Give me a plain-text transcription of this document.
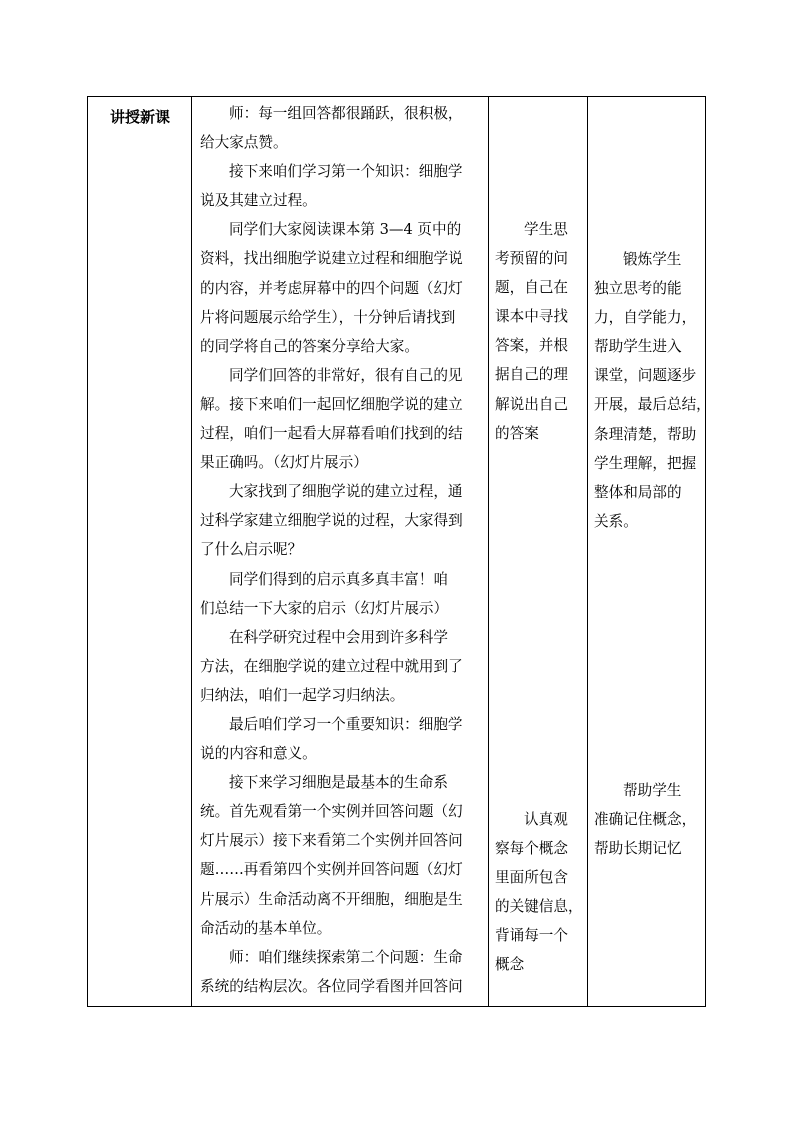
讲授新课	师：每一组回答都很踊跃，很积极，
给大家点赞。
接下来咱们学习第一个知识：细胞学
说及其建立过程。
同学们大家阅读课本第 3—4 页中的
资料，找出细胞学说建立过程和细胞学说
的内容，并考虑屏幕中的四个问题（幻灯
片将问题展示给学生），十分钟后请找到
的同学将自己的答案分享给大家。
同学们回答的非常好，很有自己的见
解。接下来咱们一起回忆细胞学说的建立
过程，咱们一起看大屏幕看咱们找到的结
果正确吗。（幻灯片展示）
大家找到了细胞学说的建立过程，通
过科学家建立细胞学说的过程，大家得到
了什么启示呢？
同学们得到的启示真多真丰富！咱
们总结一下大家的启示（幻灯片展示）
在科学研究过程中会用到许多科学
方法，在细胞学说的建立过程中就用到了
归纳法，咱们一起学习归纳法。
最后咱们学习一个重要知识：细胞学
说的内容和意义。
接下来学习细胞是最基本的生命系
统。首先观看第一个实例并回答问题（幻
灯片展示）接下来看第二个实例并回答问
题……再看第四个实例并回答问题（幻灯
片展示）生命活动离不开细胞，细胞是生
命活动的基本单位。
师：咱们继续探索第二个问题：生命
系统的结构层次。各位同学看图并回答问
学生思
考预留的问
题，自己在
课本中寻找
答案，并根
据自己的理
解说出自己
的答案
认真观
察每个概念
里面所包含
的关键信息，
背诵每一个
概念
锻炼学生
独立思考的能
力，自学能力，
帮助学生进入
课堂，问题逐步
开展，最后总结，
条理清楚，帮助
学生理解，把握
整体和局部的
关系。
帮助学生
准确记住概念，
帮助长期记忆
